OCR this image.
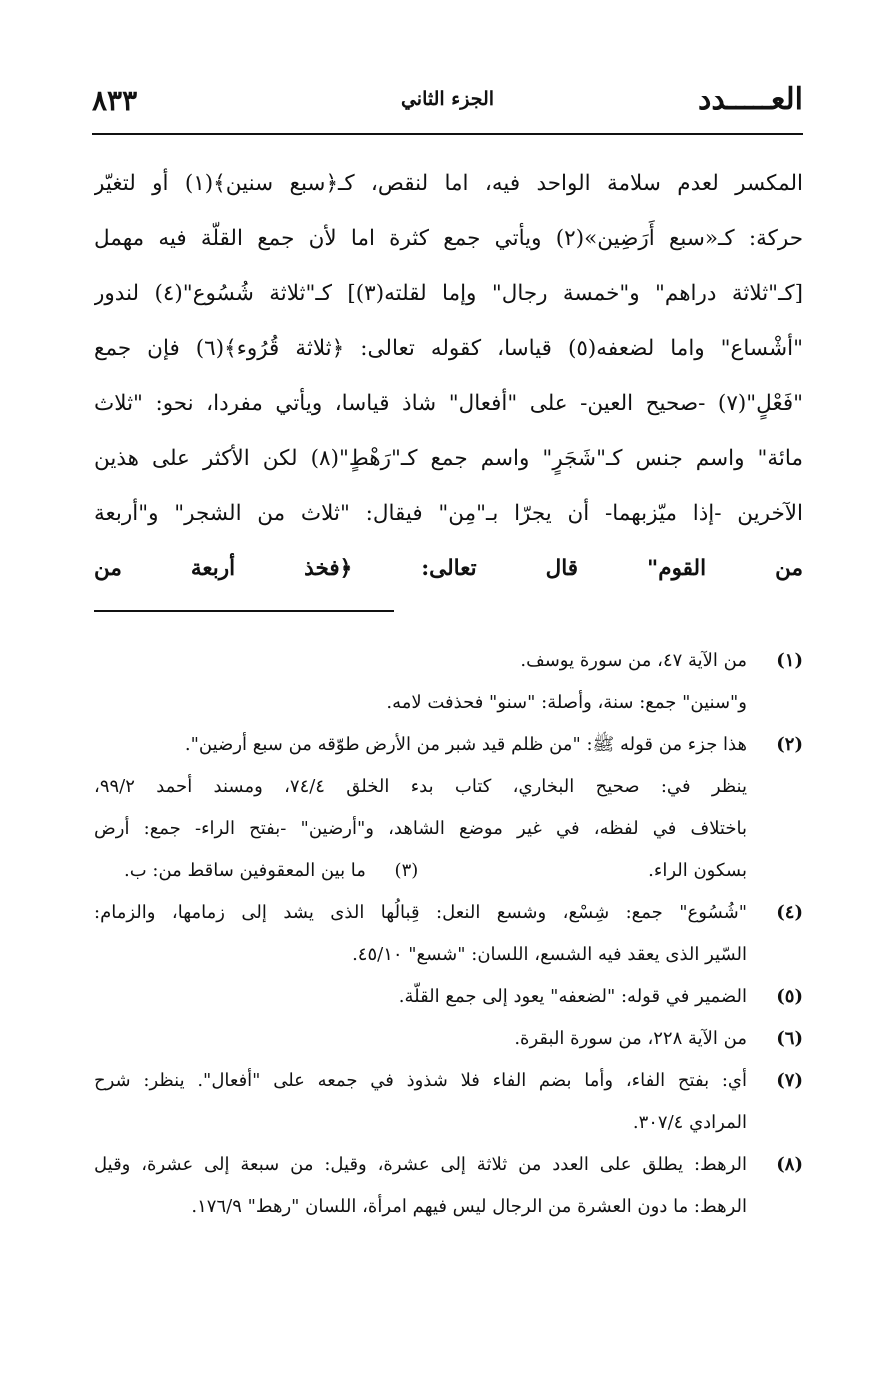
العـــــدد
الجزء الثاني
٨٣٣
المكسر لعدم سلامة الواحد فيه، اما لنقص، كـ﴿سبع سنين﴾(١) أو لتغيّر
حركة: كـ«سبع أَرَضِين»(٢) ويأتي جمع كثرة اما لأن جمع القلّة فيه مهمل
[كـ"ثلاثة دراهم" و"خمسة رجال" وإما لقلته(٣)] كـ"ثلاثة شُسُوع"(٤) لندور
"أشْساع" واما لضعفه(٥) قياسا، كقوله تعالى: ﴿ثلاثة قُرُوء﴾(٦) فإن جمع
"فَعْلٍ"(٧) -صحيح العين- على "أفعال" شاذ قياسا، ويأتي مفردا، نحو: "ثلاث
مائة" واسم جنس كـ"شَجَرٍ" واسم جمع كـ"رَهْطٍ"(٨) لكن الأكثر على هذين
الآخرين -إذا ميّزبهما- أن يجرّا بـ"مِن" فيقال: "ثلاث من الشجر" و"أربعة
من القوم" قال تعالى: ﴿فخذ أربعة من
(١)
من الآية ٤٧، من سورة يوسف.
و"سنين" جمع: سنة، وأصلة: "سنو" فحذفت لامه.
(٢)
هذا جزء من قوله ﷺ: "من ظلم قيد شبر من الأرض طوّقه من سبع أرضين".
ينظر في: صحيح البخاري، كتاب بدء الخلق ٧٤/٤، ومسند أحمد ٩٩/٢،
باختلاف في لفظه، في غير موضع الشاهد، و"أرضين" -بفتح الراء- جمع: أرض
بسكون الراء.
(٣)     ما بين المعقوفين ساقط من: ب.
(٤)
"شُسُوع" جمع: شِسْع، وشسع النعل: قِبالُها الذى يشد إلى زمامها، والزمام:
السّير الذى يعقد فيه الشسع، اللسان: "شسع" ٤٥/١٠.
(٥)
الضمير في قوله: "لضعفه" يعود إلى جمع القلّة.
(٦)
من الآية ٢٢٨، من سورة البقرة.
(٧)
أي: بفتح الفاء، وأما بضم الفاء فلا شذوذ في جمعه على "أفعال". ينظر: شرح
المرادي ٣٠٧/٤.
(٨)
الرهط: يطلق على العدد من ثلاثة إلى عشرة، وقيل: من سبعة إلى عشرة، وقيل
الرهط: ما دون العشرة من الرجال ليس فيهم امرأة، اللسان "رهط" ١٧٦/٩.
